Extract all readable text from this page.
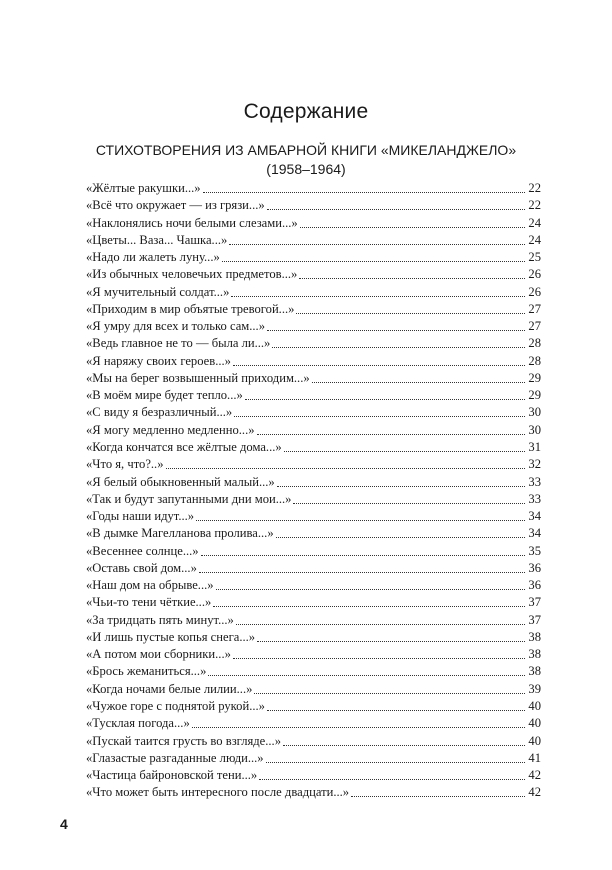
Содержание
СТИХОТВОРЕНИЯ ИЗ АМБАРНОЙ КНИГИ «МИКЕЛАНДЖЕЛО»
(1958–1964)
«Жёлтые ракушки...»	22
«Всё что окружает — из грязи...»	22
«Наклонялись ночи белыми слезами...»	24
«Цветы... Ваза... Чашка...»	24
«Надо ли жалеть луну...»	25
«Из обычных человечьих предметов...»	26
«Я мучительный солдат...»	26
«Приходим в мир объятые тревогой...»	27
«Я умру для всех и только сам...»	27
«Ведь главное не то — была ли...»	28
«Я наряжу своих героев...»	28
«Мы на берег возвышенный приходим...»	29
«В моём мире будет тепло...»	29
«С виду я безразличный...»	30
«Я могу медленно медленно...»	30
«Когда кончатся все жёлтые дома...»	31
«Что я, что?..»	32
«Я белый обыкновенный малый...»	33
«Так и будут запутанными дни мои...»	33
«Годы наши идут...»	34
«В дымке Магелланова пролива...»	34
«Весеннее солнце...»	35
«Оставь свой дом...»	36
«Наш дом на обрыве...»	36
«Чьи-то тени чёткие...»	37
«За тридцать пять минут...»	37
«И лишь пустые копья снега...»	38
«А потом мои сборники...»	38
«Брось жеманиться...»	38
«Когда ночами белые лилии...»	39
«Чужое горе с поднятой рукой...»	40
«Тусклая погода...»	40
«Пускай таится грусть во взгляде...»	40
«Глазастые разгаданные люди...»	41
«Частица байроновской тени...»	42
«Что может быть интересного после двадцати...»	42
4
